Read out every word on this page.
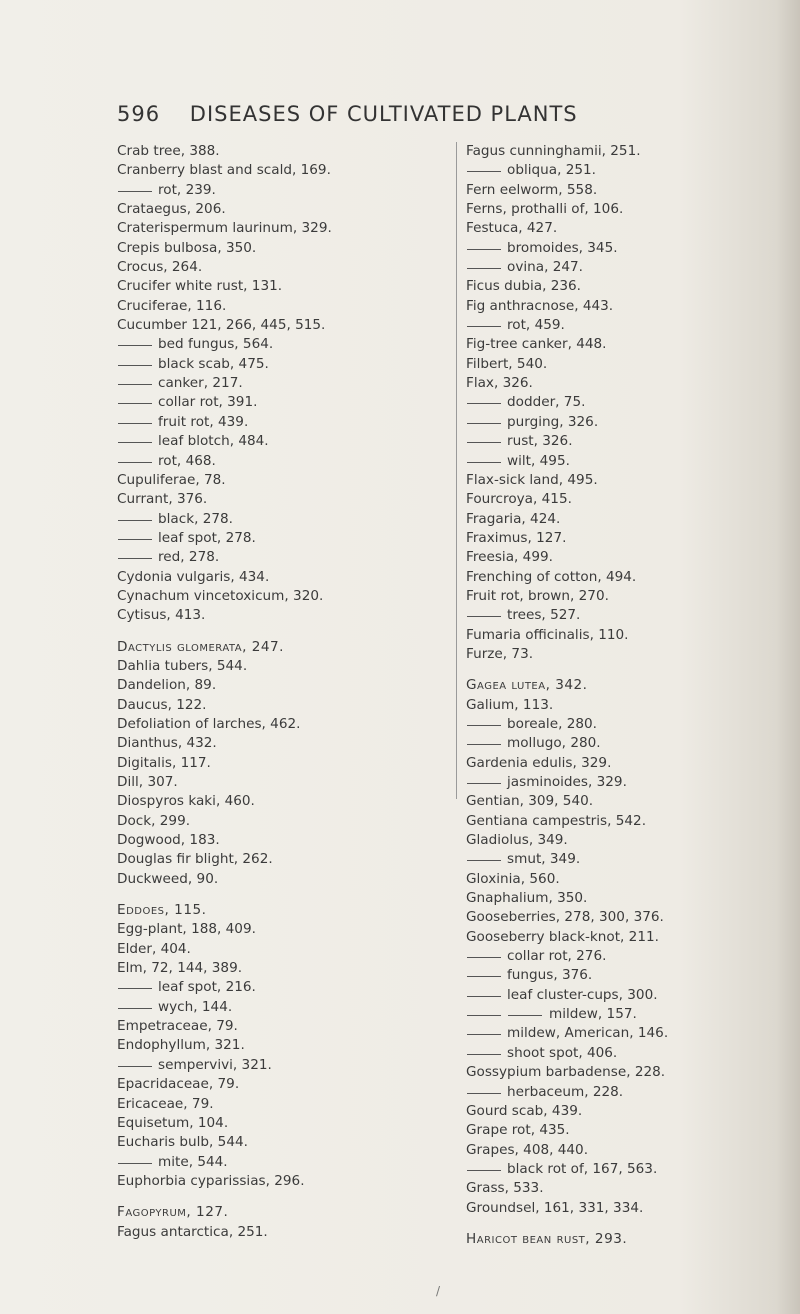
596 DISEASES OF CULTIVATED PLANTS
Crab tree, 388.
Cranberry blast and scald, 169.
rot, 239.
Crataegus, 206.
Craterispermum laurinum, 329.
Crepis bulbosa, 350.
Crocus, 264.
Crucifer white rust, 131.
Cruciferae, 116.
Cucumber 121, 266, 445, 515.
bed fungus, 564.
black scab, 475.
canker, 217.
collar rot, 391.
fruit rot, 439.
leaf blotch, 484.
rot, 468.
Cupuliferae, 78.
Currant, 376.
black, 278.
leaf spot, 278.
red, 278.
Cydonia vulgaris, 434.
Cynachum vincetoxicum, 320.
Cytisus, 413.
Dactylis glomerata, 247.
Dahlia tubers, 544.
Dandelion, 89.
Daucus, 122.
Defoliation of larches, 462.
Dianthus, 432.
Digitalis, 117.
Dill, 307.
Diospyros kaki, 460.
Dock, 299.
Dogwood, 183.
Douglas fir blight, 262.
Duckweed, 90.
Eddoes, 115.
Egg-plant, 188, 409.
Elder, 404.
Elm, 72, 144, 389.
leaf spot, 216.
wych, 144.
Empetraceae, 79.
Endophyllum, 321.
sempervivi, 321.
Epacridaceae, 79.
Ericaceae, 79.
Equisetum, 104.
Eucharis bulb, 544.
mite, 544.
Euphorbia cyparissias, 296.
Fagopyrum, 127.
Fagus antarctica, 251.
Fagus cunninghamii, 251.
obliqua, 251.
Fern eelworm, 558.
Ferns, prothalli of, 106.
Festuca, 427.
bromoides, 345.
ovina, 247.
Ficus dubia, 236.
Fig anthracnose, 443.
rot, 459.
Fig-tree canker, 448.
Filbert, 540.
Flax, 326.
dodder, 75.
purging, 326.
rust, 326.
wilt, 495.
Flax-sick land, 495.
Fourcroya, 415.
Fragaria, 424.
Fraximus, 127.
Freesia, 499.
Frenching of cotton, 494.
Fruit rot, brown, 270.
trees, 527.
Fumaria officinalis, 110.
Furze, 73.
Gagea lutea, 342.
Galium, 113.
boreale, 280.
mollugo, 280.
Gardenia edulis, 329.
jasminoides, 329.
Gentian, 309, 540.
Gentiana campestris, 542.
Gladiolus, 349.
smut, 349.
Gloxinia, 560.
Gnaphalium, 350.
Gooseberries, 278, 300, 376.
Gooseberry black-knot, 211.
collar rot, 276.
fungus, 376.
leaf cluster-cups, 300.
mildew, 157.
mildew, American, 146.
shoot spot, 406.
Gossypium barbadense, 228.
herbaceum, 228.
Gourd scab, 439.
Grape rot, 435.
Grapes, 408, 440.
black rot of, 167, 563.
Grass, 533.
Groundsel, 161, 331, 334.
Haricot bean rust, 293.
/
